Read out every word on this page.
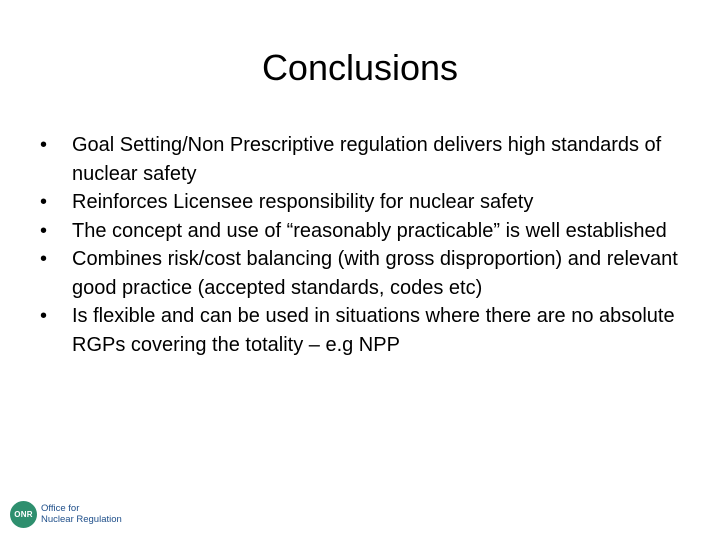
Conclusions
•	Goal Setting/Non Prescriptive regulation delivers high standards of nuclear safety
•	Reinforces Licensee responsibility for nuclear safety
•	The concept and use of “reasonably practicable” is well established
•	Combines risk/cost balancing (with gross disproportion) and relevant good practice (accepted standards, codes etc)
•	Is flexible and can be used in situations where there are no absolute RGPs covering the totality – e.g NPP
ONR Office for
Nuclear Regulation
